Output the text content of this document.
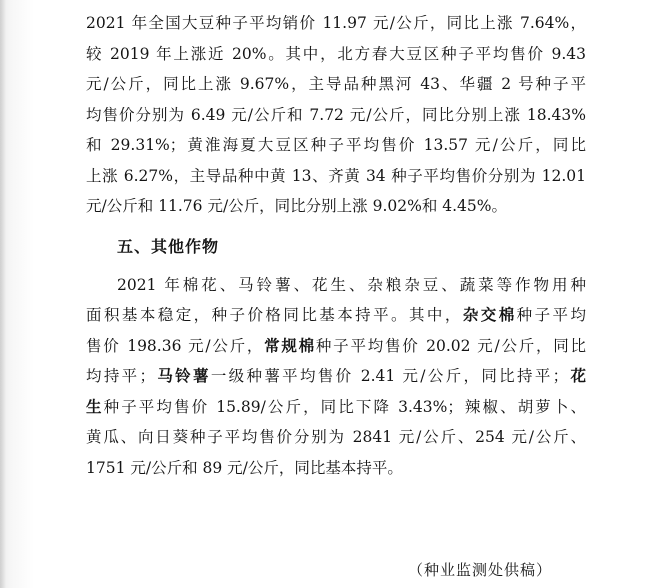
2021 年全国大豆种子平均销价 11.97 元/公斤，同比上涨 7.64%，
较 2019 年上涨近 20%。其中，北方春大豆区种子平均售价 9.43
元/公斤，同比上涨 9.67%，主导品种黑河 43、华疆 2 号种子平
均售价分别为 6.49 元/公斤和 7.72 元/公斤，同比分别上涨 18.43%
和 29.31%；黄淮海夏大豆区种子平均售价 13.57 元/公斤，同比
上涨 6.27%，主导品种中黄 13、齐黄 34 种子平均售价分别为 12.01
元/公斤和 11.76 元/公斤，同比分别上涨 9.02%和 4.45%。
五、其他作物
2021 年棉花、马铃薯、花生、杂粮杂豆、蔬菜等作物用种
面积基本稳定，种子价格同比基本持平。其中，杂交棉种子平均
售价 198.36 元/公斤，常规棉种子平均售价 20.02 元/公斤，同比
均持平；马铃薯一级种薯平均售价 2.41 元/公斤，同比持平；花
生种子平均售价 15.89/公斤，同比下降 3.43%；辣椒、胡萝卜、
黄瓜、向日葵种子平均售价分别为 2841 元/公斤、254 元/公斤、
1751 元/公斤和 89 元/公斤，同比基本持平。
（种业监测处供稿）
